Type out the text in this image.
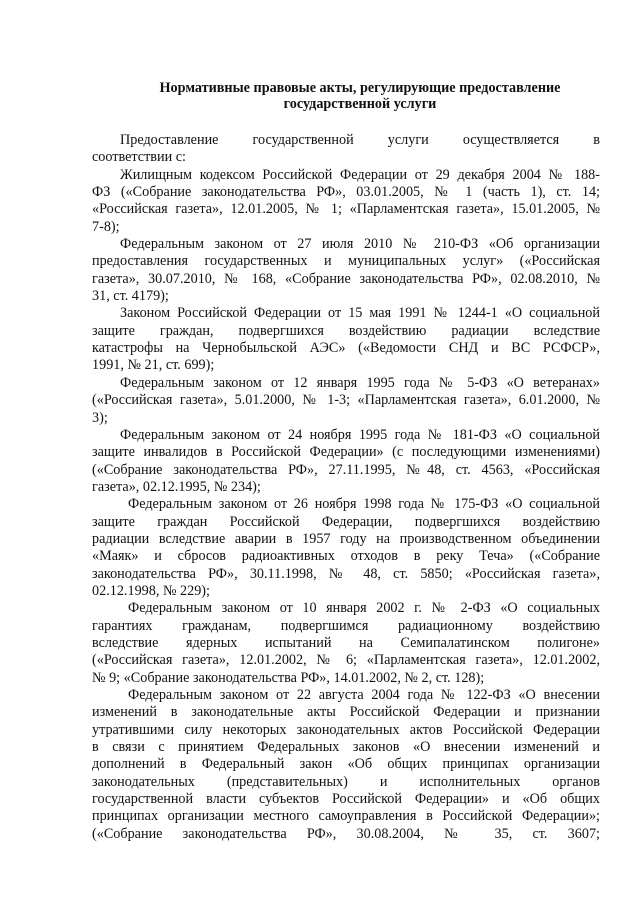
Нормативные правовые акты, регулирующие предоставление
государственной услуги

Предоставление государственной услуги осуществляется в
соответствии с:

Жилищным кодексом Российской Федерации от 29 декабря 2004 № 188-
ФЗ («Собрание законодательства РФ», 03.01.2005, № 1 (часть 1), ст. 14;
«Российская газета», 12.01.2005, № 1; «Парламентская газета», 15.01.2005, №
7-8);

Федеральным законом от 27 июля 2010 № 210-ФЗ «Об организации
предоставления государственных и муниципальных услуг» («Российская
газета», 30.07.2010, № 168, «Собрание законодательства РФ», 02.08.2010, №
31, ст. 4179);

Законом Российской Федерации от 15 мая 1991 № 1244-1 «О социальной
защите граждан, подвергшихся воздействию радиации вследствие
катастрофы на Чернобыльской АЭС» («Ведомости СНД и ВС РСФСР»,
1991, № 21, ст. 699);

Федеральным законом от 12 января 1995 года № 5-ФЗ «О ветеранах»
(«Российская газета», 5.01.2000, № 1-3; «Парламентская газета», 6.01.2000, №
3);

Федеральным законом от 24 ноября 1995 года № 181-ФЗ «О социальной
защите инвалидов в Российской Федерации» (с последующими изменениями)
(«Собрание законодательства РФ», 27.11.1995, №48, ст. 4563, «Российская
газета», 02.12.1995, № 234);

Федеральным законом от 26 ноября 1998 года № 175-ФЗ «О социальной
защите граждан Российской Федерации, подвергшихся воздействию
радиации вследствие аварии в 1957 году на производственном объединении
«Маяк» и сбросов радиоактивных отходов в реку Теча» («Собрание
законодательства РФ», 30.11.1998, № 48, ст. 5850; «Российская газета»,
02.12.1998, № 229);

Федеральным законом от 10 января 2002 г. № 2-ФЗ «О социальных
гарантиях гражданам, подвергшимся радиационному воздействию
вследствие ядерных испытаний на Семипалатинском полигоне»
(«Российская газета», 12.01.2002, № 6; «Парламентская газета», 12.01.2002,
№ 9; «Собрание законодательства РФ», 14.01.2002, № 2, ст. 128);

Федеральным законом от 22 августа 2004 года № 122-ФЗ «О внесении
изменений в законодательные акты Российской Федерации и признании
утратившими силу некоторых законодательных актов Российской Федерации
в связи с принятием Федеральных законов «О внесении изменений и
дополнений в Федеральный закон «Об общих принципах организации
законодательных (представительных) и исполнительных органов
государственной власти субъектов Российской Федерации» и «Об общих
принципах организации местного самоуправления в Российской Федерации»;
(«Собрание законодательства РФ», 30.08.2004, № 35, ст. 3607;
